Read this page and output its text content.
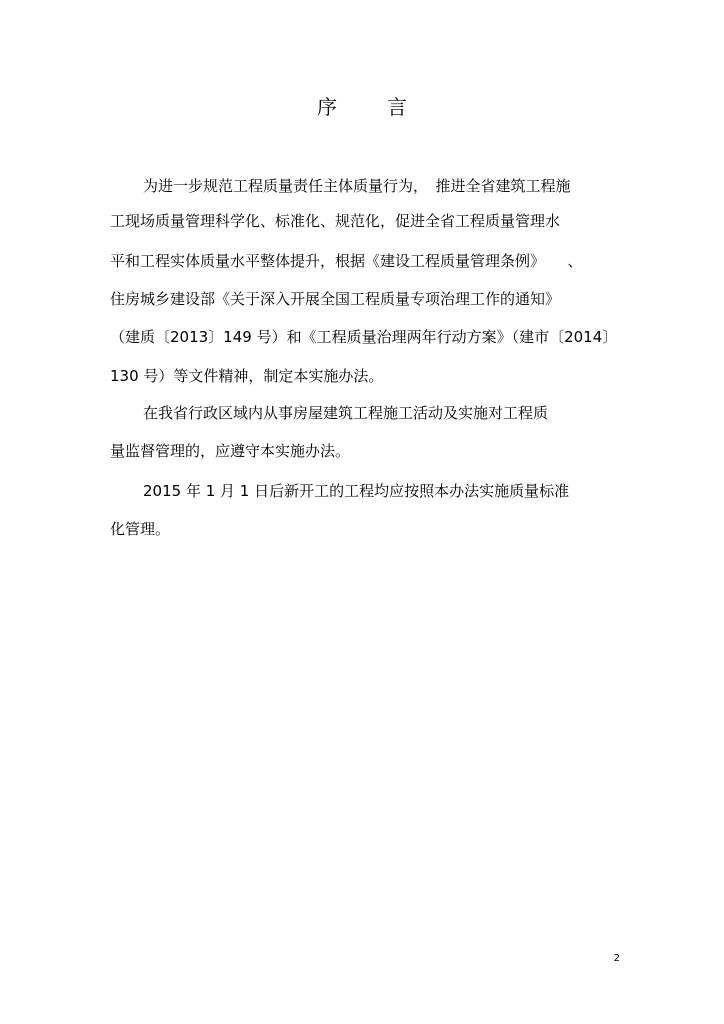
序言
为进一步规范工程质量责任主体质量行为，　推进全省建筑工程施
工现场质量管理科学化、标准化、规范化，促进全省工程质量管理水
平和工程实体质量水平整体提升，根据《建设工程质量管理条例》　　、
住房城乡建设部《关于深入开展全国工程质量专项治理工作的通知》
（建质〔2013〕149 号）和《工程质量治理两年行动方案》（建市〔2014〕
130 号）等文件精神，制定本实施办法。
在我省行政区域内从事房屋建筑工程施工活动及实施对工程质
量监督管理的，应遵守本实施办法。
2015 年 1 月 1 日后新开工的工程均应按照本办法实施质量标准
化管理。
2
